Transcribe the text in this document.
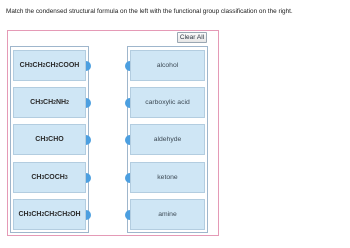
Match the condensed structural formula on the left with the functional group classification on the right.
Clear All
CH 3 CH 2 CH 2 COOH
CH 3 CH 2 NH 2
CH 3 CHO
CH 3 COCH 3
CH 3 CH 2 CH 2 CH 2 OH
alcohol
carboxylic acid
aldehyde
ketone
amine
